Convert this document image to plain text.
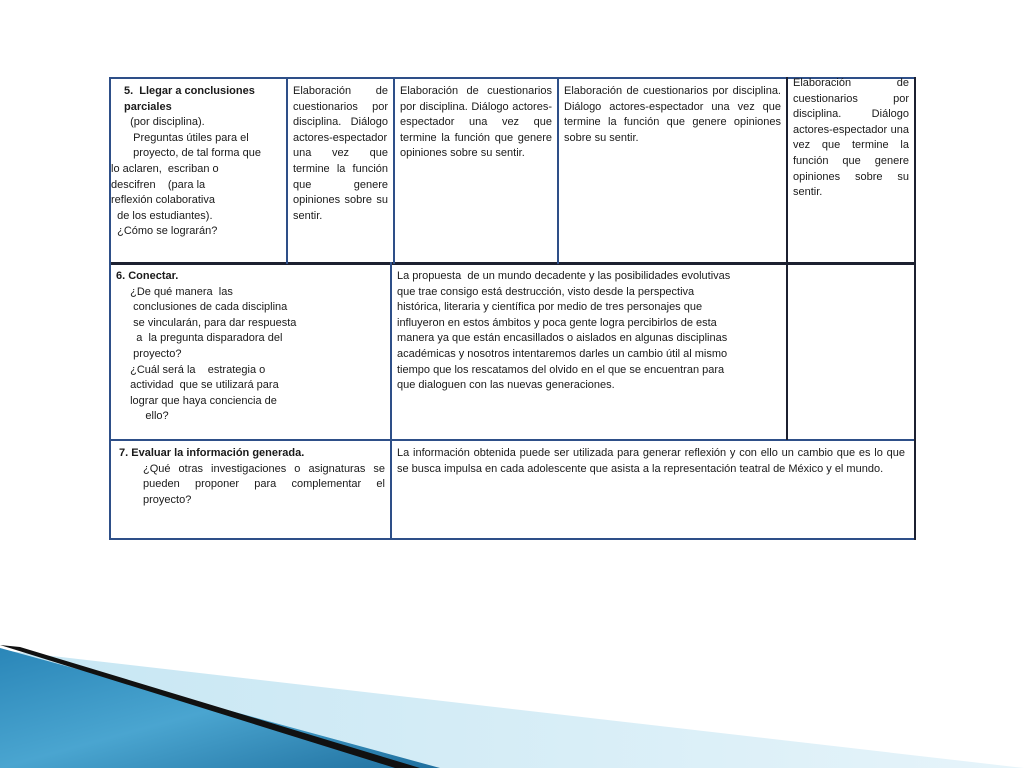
5.  Llegar a conclusiones
parciales
(por disciplina).
Preguntas útiles para el
proyecto, de tal forma que
lo aclaren,  escriban o
descifren    (para la
reflexión colaborativa
de los estudiantes).
¿Cómo se lograrán?
Elaboración de cuestionarios por disciplina. Diálogo actores-espectador una vez que termine la función que genere opiniones sobre su sentir.
Elaboración de cuestionarios por disciplina. Diálogo actores-espectador una vez que termine la función que genere opiniones sobre su sentir.
Elaboración de cuestionarios por disciplina. Diálogo actores-espectador una vez que termine la función que genere opiniones sobre su sentir.
Elaboración de cuestionarios por disciplina. Diálogo actores-espectador una vez que termine la función que genere opiniones sobre su sentir.
6. Conectar.
¿De qué manera  las
conclusiones de cada disciplina
se vincularán, para dar respuesta
a  la pregunta disparadora del
proyecto?
¿Cuál será la    estrategia o
actividad  que se utilizará para
lograr que haya conciencia de
ello?
La propuesta  de un mundo decadente y las posibilidades evolutivas
que trae consigo está destrucción, visto desde la perspectiva
histórica, literaria y científica por medio de tres personajes que
influyeron en estos ámbitos y poca gente logra percibirlos de esta
manera ya que están encasillados o aislados en algunas disciplinas
académicas y nosotros intentaremos darles un cambio útil al mismo
tiempo que los rescatamos del olvido en el que se encuentran para
que dialoguen con las nuevas generaciones.
7. Evaluar la información generada.
¿Qué otras investigaciones o asignaturas se pueden proponer para complementar el proyecto?
La información obtenida puede ser utilizada para generar reflexión y con ello un cambio que es lo que se busca impulsa en cada adolescente que asista a la representación teatral de México y el mundo.
